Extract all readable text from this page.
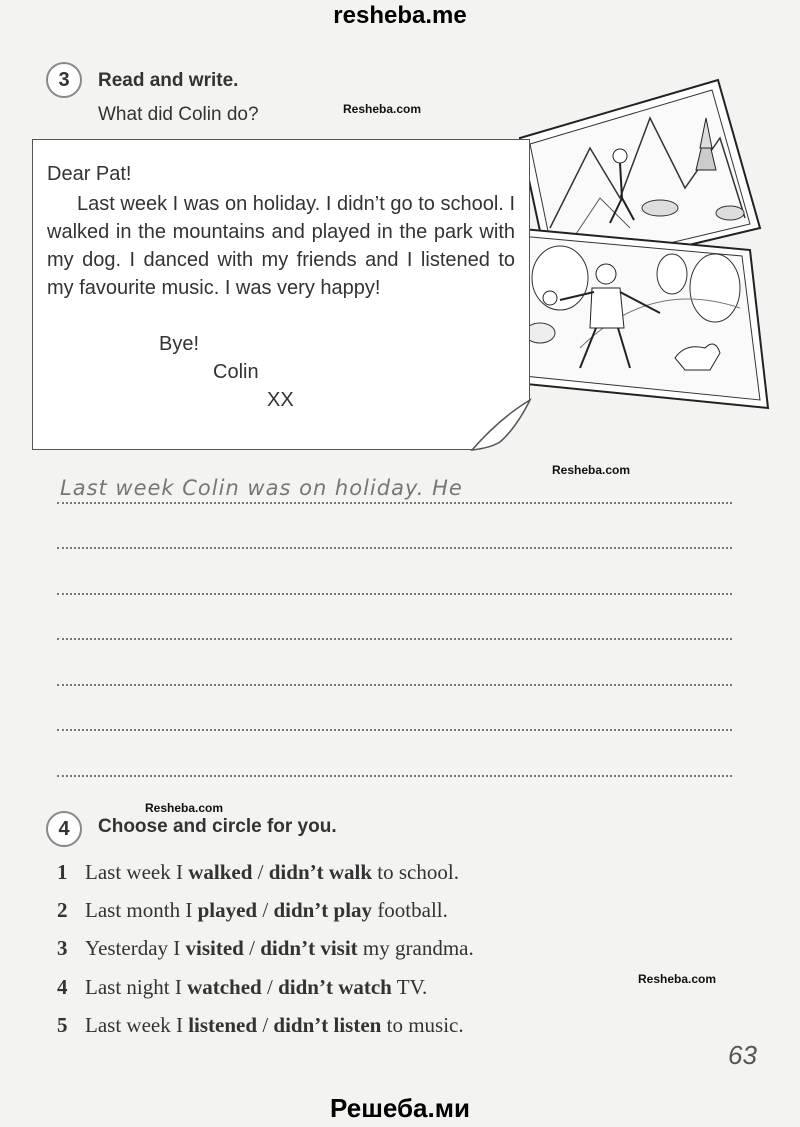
resheba.me
3	Read and write.
What did Colin do?	Resheba.com
Dear Pat!
Last week I was on holiday. I didn’t go to school. I walked in the mountains and played in the park with my dog. I danced with my friends and I listened to my favourite music. I was very happy!
Bye!
Colin
XX
Resheba.com
Last week Colin was on holiday. He
Resheba.com
4	Choose and circle for you.
1 Last week I walked / didn’t walk to school.
2 Last month I played / didn’t play football.
3 Yesterday I visited / didn’t visit my grandma.
4 Last night I watched / didn’t watch TV.	Resheba.com
5 Last week I listened / didn’t listen to music.
63
Решеба.ми
